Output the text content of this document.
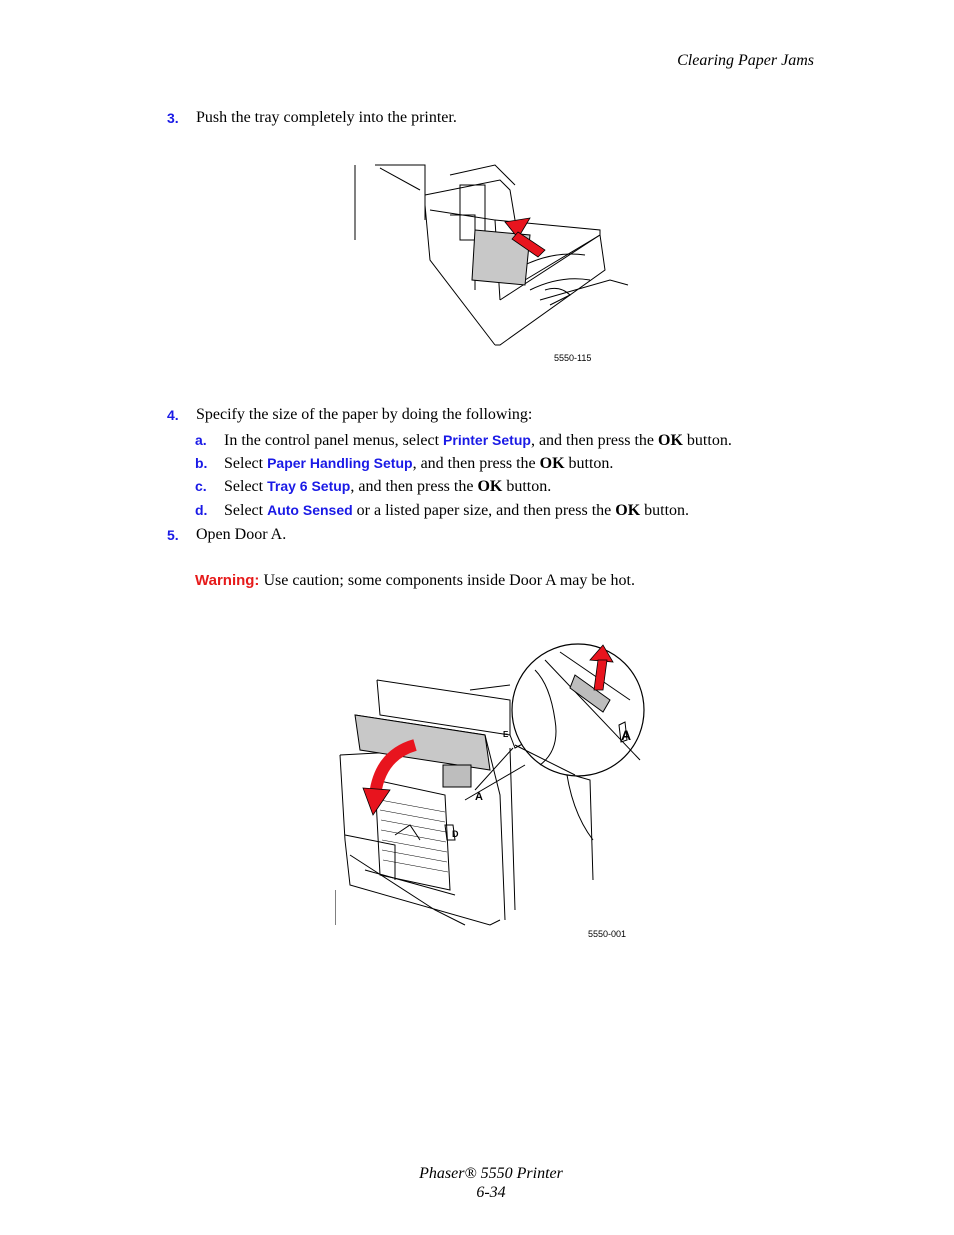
Clearing Paper Jams
3. Push the tray completely into the printer.
5550-115
4. Specify the size of the paper by doing the following:
a. In the control panel menus, select Printer Setup, and then press the OK button.
b. Select Paper Handling Setup, and then press the OK button.
c. Select Tray 6 Setup, and then press the OK button.
d. Select Auto Sensed or a listed paper size, and then press the OK button.
5. Open Door A.
Warning: Use caution; some components inside Door A may be hot.
A
D
E	A
5550-001
Phaser® 5550 Printer
6-34
